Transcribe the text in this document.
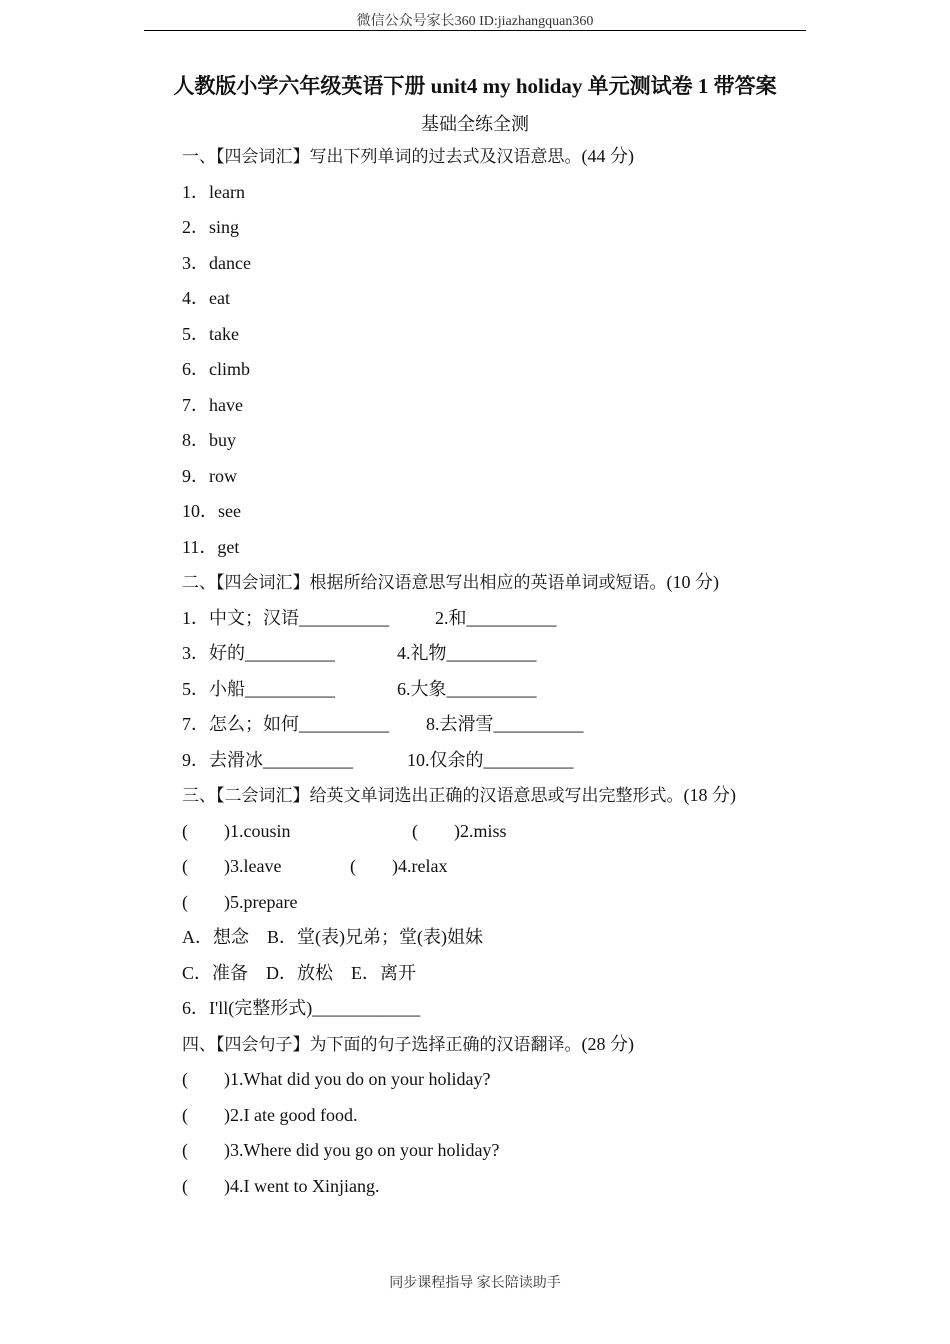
微信公众号家长360 ID:jiazhangquan360
人教版小学六年级英语下册 unit4 my holiday 单元测试卷 1 带答案
基础全练全测
一、【四会词汇】写出下列单词的过去式及汉语意思。(44 分)
1．learn
2．sing
3．dance
4．eat
5．take
6．climb
7．have
8．buy
9．row
10．see
11．get
二、【四会词汇】根据所给汉语意思写出相应的英语单词或短语。(10 分)
1．中文；汉语__________	2.和__________
3．好的__________	4.礼物__________
5．小船__________	6.大象__________
7．怎么；如何__________ 8.去滑雪__________
9．去滑冰__________	10.仅余的__________
三、【二会词汇】给英文单词选出正确的汉语意思或写出完整形式。(18 分)
(        )1.cousin	(        )2.miss
(        )3.leave	(        )4.relax
(        )5.prepare
A．想念    B．堂(表)兄弟；堂(表)姐妹
C．准备    D．放松    E．离开
6．I'll(完整形式)____________
四、【四会句子】为下面的句子选择正确的汉语翻译。(28 分)
(        )1.What did you do on your holiday?
(        )2.I ate good food.
(        )3.Where did you go on your holiday?
(        )4.I went to Xinjiang.
同步课程指导 家长陪读助手
